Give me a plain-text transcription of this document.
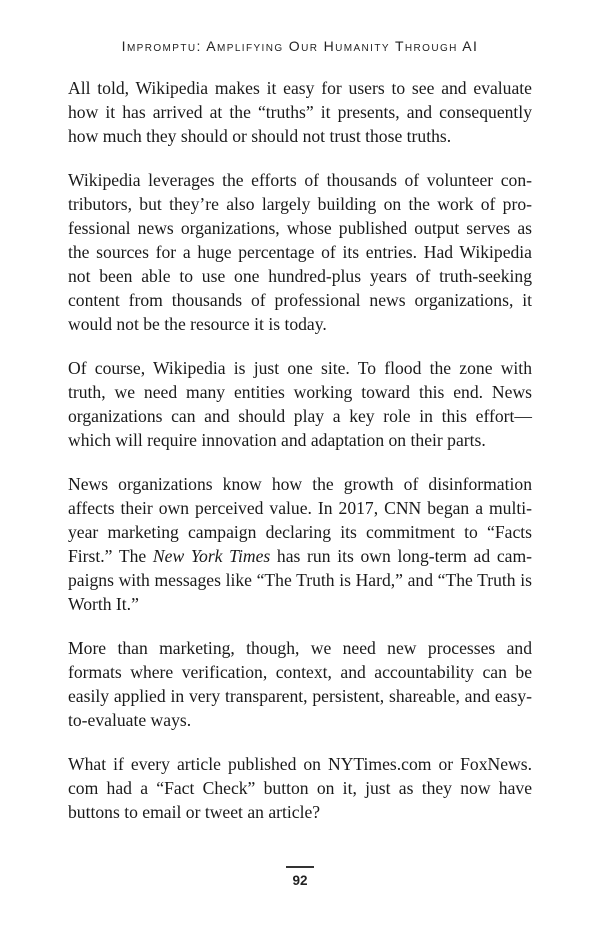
Impromptu: Amplifying Our Humanity Through AI

All told, Wikipedia makes it easy for users to see and evaluate how it has arrived at the “truths” it presents, and consequently how much they should or should not trust those truths.

Wikipedia leverages the efforts of thousands of volunteer con- tributors, but they’re also largely building on the work of pro- fessional news organizations, whose published output serves as the sources for a huge percentage of its entries. Had Wikipedia not been able to use one hundred-plus years of truth-seeking content from thousands of professional news organizations, it would not be the resource it is today.

Of course, Wikipedia is just one site. To flood the zone with truth, we need many entities working toward this end. News organizations can and should play a key role in this effort— which will require innovation and adaptation on their parts.

News organizations know how the growth of disinformation affects their own perceived value. In 2017, CNN began a multi- year marketing campaign declaring its commitment to “Facts First.” The New York Times has run its own long-term ad cam- paigns with messages like “The Truth is Hard,” and “The Truth is Worth It.”

More than marketing, though, we need new processes and formats where verification, context, and accountability can be easily applied in very transparent, persistent, shareable, and easy-to-evaluate ways.

What if every article published on NYTimes.com or FoxNews. com had a “Fact Check” button on it, just as they now have buttons to email or tweet an article?

92
